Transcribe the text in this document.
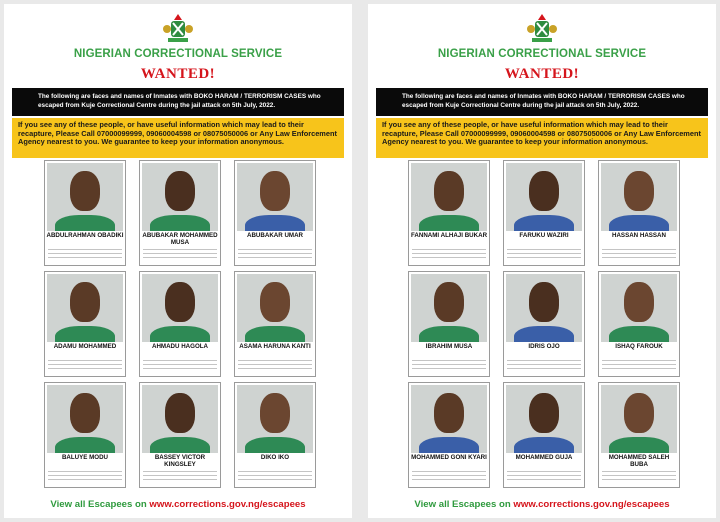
NIGERIAN CORRECTIONAL SERVICE
WANTED!
The following are faces and names of Inmates with BOKO HARAM / TERRORISM CASES who escaped from Kuje Correctional Centre during the jail attack on 5th July, 2022.
If you see any of these people, or have useful information which may lead to their recapture, Please Call 07000099999, 09060004598 or 08075050006 or Any Law Enforcement Agency nearest to you. We guarantee to keep your information anonymous.
ABDULRAHMAN OBADIKI	ABUBAKAR MOHAMMED MUSA
ABUBAKAR UMAR
ADAMU MOHAMMED	AHMADU HAGOLA	ASAMA HARUNA KANTI
BALUYE MODU	BASSEY VICTOR KINGSLEY
DIKO IKO
View all Escapees on www.corrections.gov.ng/escapees
NIGERIAN CORRECTIONAL SERVICE
WANTED!
The following are faces and names of Inmates with BOKO HARAM / TERRORISM CASES who escaped from Kuje Correctional Centre during the jail attack on 5th July, 2022.
If you see any of these people, or have useful information which may lead to their recapture, Please Call 07000099999, 09060004598 or 08075050006 or Any Law Enforcement Agency nearest to you. We guarantee to keep your information anonymous.
FANNAMI ALHAJI BUKAR	FARUKU WAZIRI	HASSAN HASSAN
IBRAHIM MUSA	IDRIS OJO	ISHAQ FAROUK
MOHAMMED GONI KYARI	MOHAMMED GUJA	MOHAMMED SALEH BUBA
View all Escapees on www.corrections.gov.ng/escapees
